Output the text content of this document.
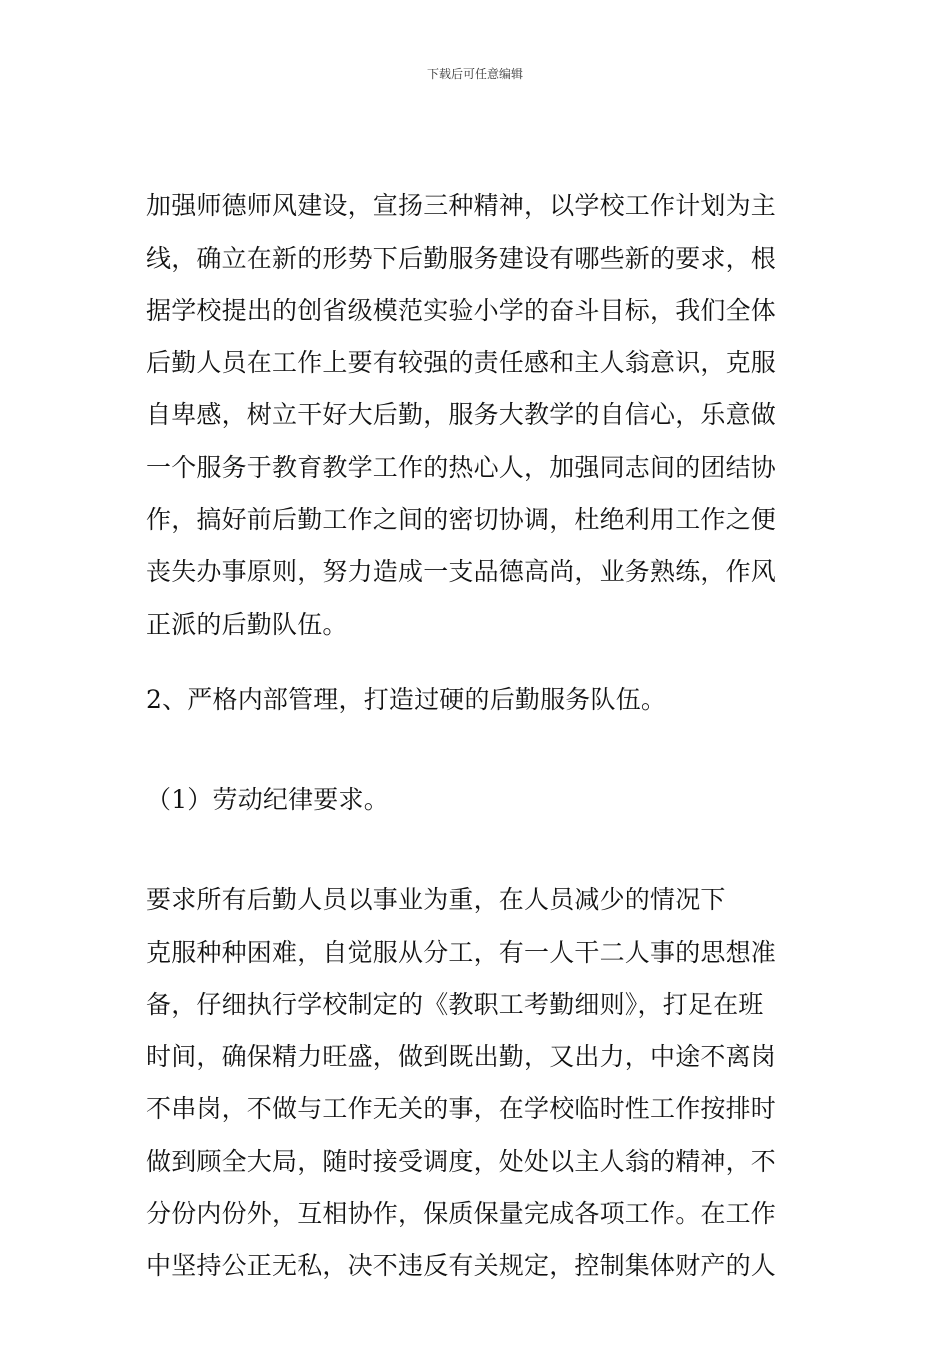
下载后可任意编辑

加强师德师风建设，宣扬三种精神，以学校工作计划为主
线，确立在新的形势下后勤服务建设有哪些新的要求，根
据学校提出的创省级模范实验小学的奋斗目标，我们全体
后勤人员在工作上要有较强的责任感和主人翁意识，克服
自卑感，树立干好大后勤，服务大教学的自信心，乐意做
一个服务于教育教学工作的热心人，加强同志间的团结协
作，搞好前后勤工作之间的密切协调，杜绝利用工作之便
丧失办事原则，努力造成一支品德高尚，业务熟练，作风
正派的后勤队伍。

2、严格内部管理，打造过硬的后勤服务队伍。

（1）劳动纪律要求。

要求所有后勤人员以事业为重，在人员减少的情况下
克服种种困难，自觉服从分工，有一人干二人事的思想准
备，仔细执行学校制定的《教职工考勤细则》，打足在班
时间，确保精力旺盛，做到既出勤，又出力，中途不离岗
不串岗，不做与工作无关的事，在学校临时性工作按排时
做到顾全大局，随时接受调度，处处以主人翁的精神，不
分份内份外，互相协作，保质保量完成各项工作。在工作
中坚持公正无私，决不违反有关规定，控制集体财产的人
